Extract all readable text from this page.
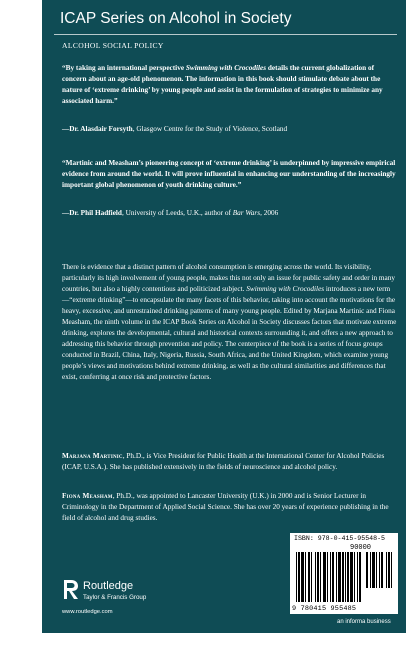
ICAP Series on Alcohol in Society
ALCOHOL SOCIAL POLICY

“By taking an international perspective Swimming with Crocodiles details the current globalization of concern about an age-old phenomenon. The information in this book should stimulate debate about the nature of ‘extreme drinking’ by young people and assist in the formulation of strategies to minimize any associated harm.”

—Dr. Alasdair Forsyth, Glasgow Centre for the Study of Violence, Scotland

“Martinic and Measham’s pioneering concept of ‘extreme drinking’ is underpinned by impressive empirical evidence from around the world. It will prove influential in enhancing our understanding of the increasingly important global phenomenon of youth drinking culture.”

—Dr. Phil Hadfield, University of Leeds, U.K., author of Bar Wars, 2006

There is evidence that a distinct pattern of alcohol consumption is emerging across the world. Its visibility, particularly its high involvement of young people, makes this not only an issue for public safety and order in many countries, but also a highly contentious and politicized subject. Swimming with Crocodiles introduces a new term—“extreme drinking”—to encapsulate the many facets of this behavior, taking into account the motivations for the heavy, excessive, and unrestrained drinking patterns of many young people. Edited by Marjana Martinic and Fiona Measham, the ninth volume in the ICAP Book Series on Alcohol in Society discusses factors that motivate extreme drinking, explores the developmental, cultural and historical contexts surrounding it, and offers a new approach to addressing this behavior through prevention and policy. The centerpiece of the book is a series of focus groups conducted in Brazil, China, Italy, Nigeria, Russia, South Africa, and the United Kingdom, which examine young people’s views and motivations behind extreme drinking, as well as the cultural similarities and differences that exist, conferring at once risk and protective factors.

Marjana Martinic, Ph.D., is Vice President for Public Health at the International Center for Alcohol Policies (ICAP, U.S.A.). She has published extensively in the fields of neuroscience and alcohol policy.

Fiona Measham, Ph.D., was appointed to Lancaster University (U.K.) in 2000 and is Senior Lecturer in Criminology in the Department of Applied Social Science. She has over 20 years of experience publishing in the field of alcohol and drug studies.

ISBN: 978-0-415-95548-5
90000
9 780415 955485
Routledge
Taylor & Francis Group
www.routledge.com
an informa business
